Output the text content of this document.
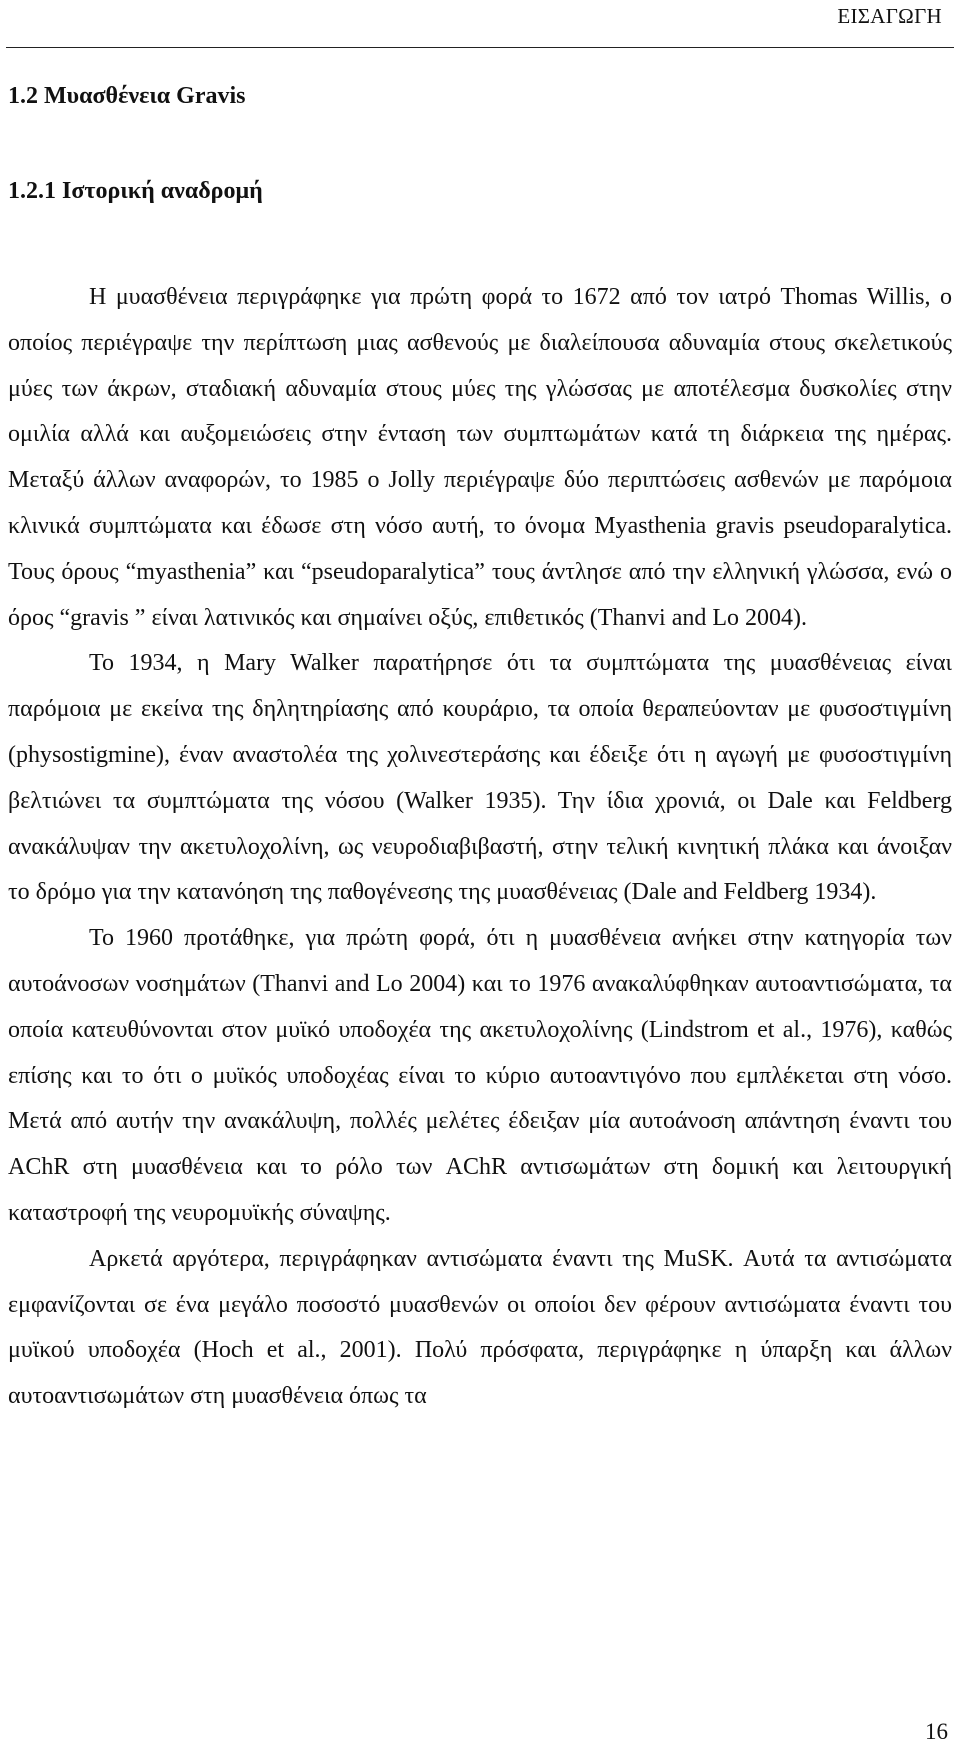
ΕΙΣΑΓΩΓΗ
1.2 Μυασθένεια Gravis
1.2.1 Ιστορική αναδρομή

Η μυασθένεια περιγράφηκε για πρώτη φορά το 1672 από τον ιατρό Thomas Willis, ο οποίος περιέγραψε την περίπτωση μιας ασθενούς με διαλείπουσα αδυναμία στους σκελετικούς μύες των άκρων, σταδιακή αδυναμία στους μύες της γλώσσας με αποτέλεσμα δυσκολίες στην ομιλία αλλά και αυξομειώσεις στην ένταση των συμπτωμάτων κατά τη διάρκεια της ημέρας. Μεταξύ άλλων αναφορών, το 1985 ο Jolly περιέγραψε δύο περιπτώσεις ασθενών με παρόμοια κλινικά συμπτώματα και έδωσε στη νόσο αυτή, το όνομα Myasthenia gravis pseudoparalytica. Τους όρους “myasthenia” και “pseudoparalytica” τους άντλησε από την ελληνική γλώσσα, ενώ ο όρος “gravis ” είναι λατινικός και σημαίνει οξύς, επιθετικός (Thanvi and Lo 2004).

Το 1934, η Mary Walker παρατήρησε ότι τα συμπτώματα της μυασθένειας είναι παρόμοια με εκείνα της δηλητηρίασης από κουράριο, τα οποία θεραπεύονταν με φυσοστιγμίνη (physostigmine), έναν αναστολέα της χολινεστεράσης και έδειξε ότι η αγωγή με φυσοστιγμίνη βελτιώνει τα συμπτώματα της νόσου (Walker 1935). Την ίδια χρονιά, οι Dale και Feldberg ανακάλυψαν την ακετυλοχολίνη, ως νευροδιαβιβαστή, στην τελική κινητική πλάκα και άνοιξαν το δρόμο για την κατανόηση της παθογένεσης της μυασθένειας (Dale and Feldberg 1934).

Το 1960 προτάθηκε, για πρώτη φορά, ότι η μυασθένεια ανήκει στην κατηγορία των αυτοάνοσων νοσημάτων (Thanvi and Lo 2004) και το 1976 ανακαλύφθηκαν αυτοαντισώματα, τα οποία κατευθύνονται στον μυϊκό υποδοχέα της ακετυλοχολίνης (Lindstrom et al., 1976), καθώς επίσης και το ότι ο μυϊκός υποδοχέας είναι το κύριο αυτοαντιγόνο που εμπλέκεται στη νόσο. Μετά από αυτήν την ανακάλυψη, πολλές μελέτες έδειξαν μία αυτοάνοση απάντηση έναντι του AChR στη μυασθένεια και το ρόλο των AChR αντισωμάτων στη δομική και λειτουργική καταστροφή της νευρομυϊκής σύναψης.

Αρκετά αργότερα, περιγράφηκαν αντισώματα έναντι της MuSK. Αυτά τα αντισώματα εμφανίζονται σε ένα μεγάλο ποσοστό μυασθενών οι οποίοι δεν φέρουν αντισώματα έναντι του μυϊκού υποδοχέα (Hoch et al., 2001). Πολύ πρόσφατα, περιγράφηκε η ύπαρξη και άλλων αυτοαντισωμάτων στη μυασθένεια όπως τα

16
